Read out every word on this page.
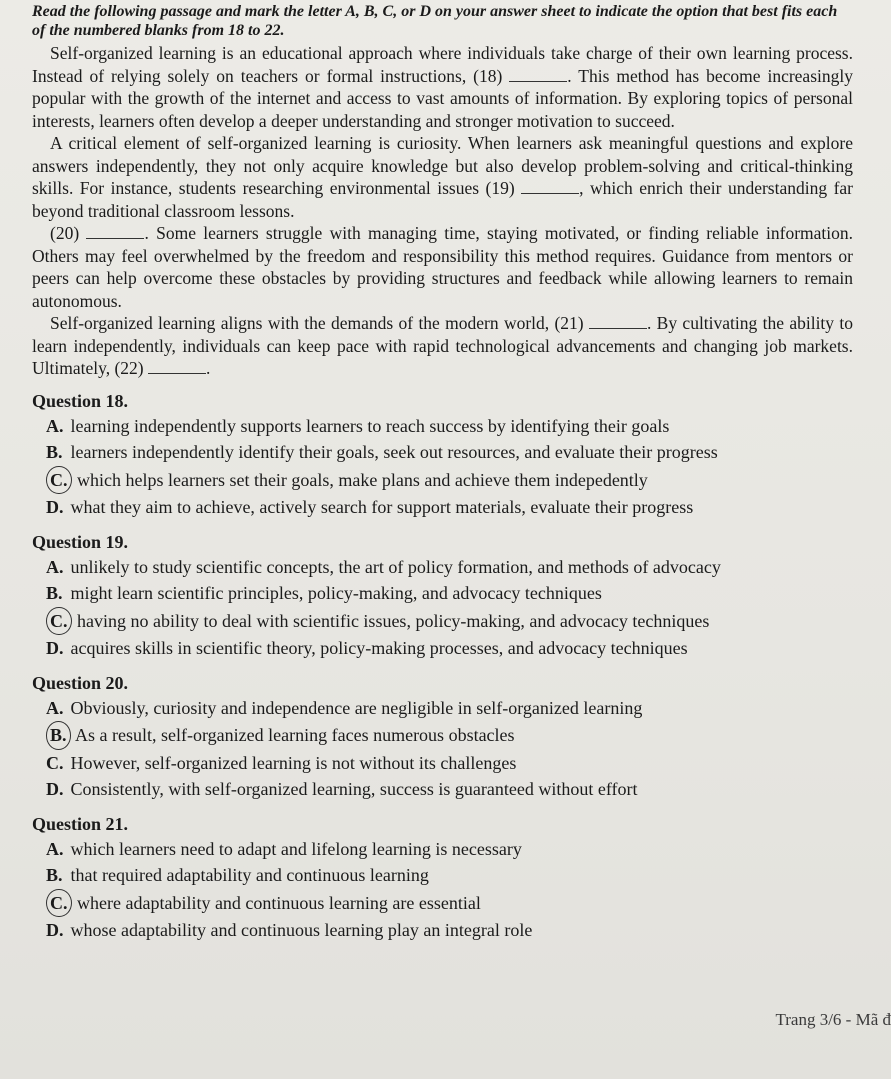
Read the following passage and mark the letter A, B, C, or D on your answer sheet to indicate the option that best fits each of the numbered blanks from 18 to 22.

Self-organized learning is an educational approach where individuals take charge of their own learning process. Instead of relying solely on teachers or formal instructions, (18)	. This method has become increasingly popular with the growth of the internet and access to vast amounts of information. By exploring topics of personal interests, learners often develop a deeper understanding and stronger motivation to succeed.

A critical element of self-organized learning is curiosity. When learners ask meaningful questions and explore answers independently, they not only acquire knowledge but also develop problem-solving and critical-thinking skills. For instance, students researching environmental issues (19)	, which enrich their understanding far beyond traditional classroom lessons.

(20)	. Some learners struggle with managing time, staying motivated, or finding reliable information. Others may feel overwhelmed by the freedom and responsibility this method requires. Guidance from mentors or peers can help overcome these obstacles by providing structures and feedback while allowing learners to remain autonomous.

Self-organized learning aligns with the demands of the modern world, (21)	. By cultivating the ability to learn independently, individuals can keep pace with rapid technological advancements and changing job markets. Ultimately, (22)	.

Question 18.

A. learning independently supports learners to reach success by identifying their goals

B. learners independently identify their goals, seek out resources, and evaluate their progress

C. which helps learners set their goals, make plans and achieve them indepedently

D. what they aim to achieve, actively search for support materials, evaluate their progress

Question 19.

A. unlikely to study scientific concepts, the art of policy formation, and methods of advocacy

B. might learn scientific principles, policy-making, and advocacy techniques

C. having no ability to deal with scientific issues, policy-making, and advocacy techniques

D. acquires skills in scientific theory, policy-making processes, and advocacy techniques

Question 20.

A. Obviously, curiosity and independence are negligible in self-organized learning

B. As a result, self-organized learning faces numerous obstacles

C. However, self-organized learning is not without its challenges

D. Consistently, with self-organized learning, success is guaranteed without effort

Question 21.

A. which learners need to adapt and lifelong learning is necessary

B. that required adaptability and continuous learning

C. where adaptability and continuous learning are essential

D. whose adaptability and continuous learning play an integral role

Trang 3/6 - Mã đ
